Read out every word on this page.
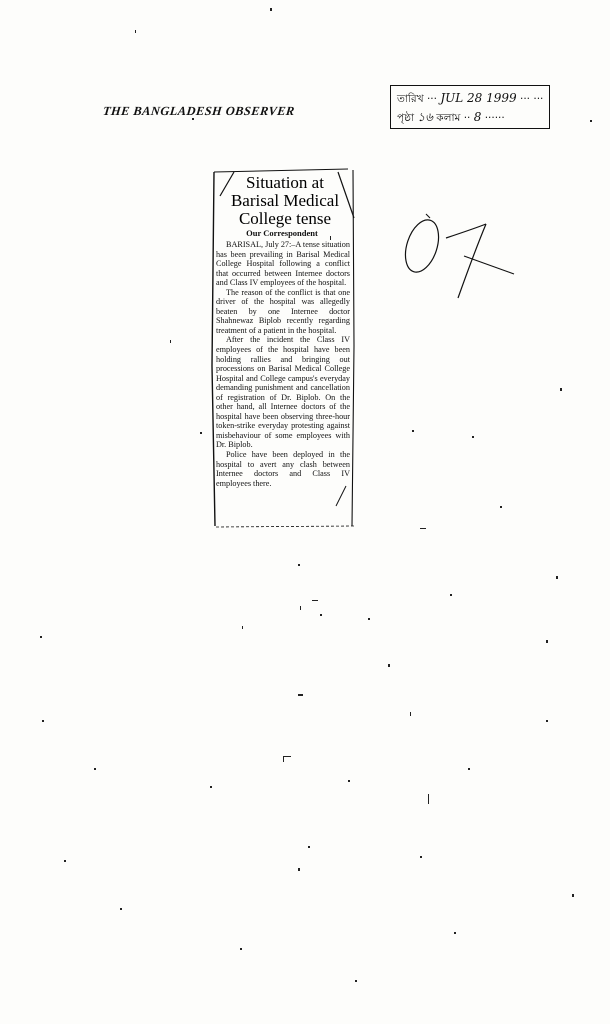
THE BANGLADESH OBSERVER
তারিখ ··· JUL 28 1999 ··· ···
পৃষ্ঠা ১৬ কলাম ·· 8 ······
Situation at
Barisal Medical
College tense
Our Correspondent

BARISAL, July 27:–A tense situation has been prevailing in Barisal Medical College Hospital following a conflict that occurred between Internee doctors and Class IV employees of the hospital.

The reason of the conflict is that one driver of the hospital was allegedly beaten by one Internee doctor Shahnewaz Biplob recently regarding treatment of a patient in the hospital.

After the incident the Class IV employees of the hospital have been holding rallies and bringing out processions on Barisal Medical College Hospital and College campus's everyday demanding punishment and cancellation of registration of Dr. Biplob. On the other hand, all Internee doctors of the hospital have been observing three-hour token-strike everyday protesting against misbehaviour of some employees with Dr. Biplob.

Police have been deployed in the hospital to avert any clash between Internee doctors and Class IV employees there.
